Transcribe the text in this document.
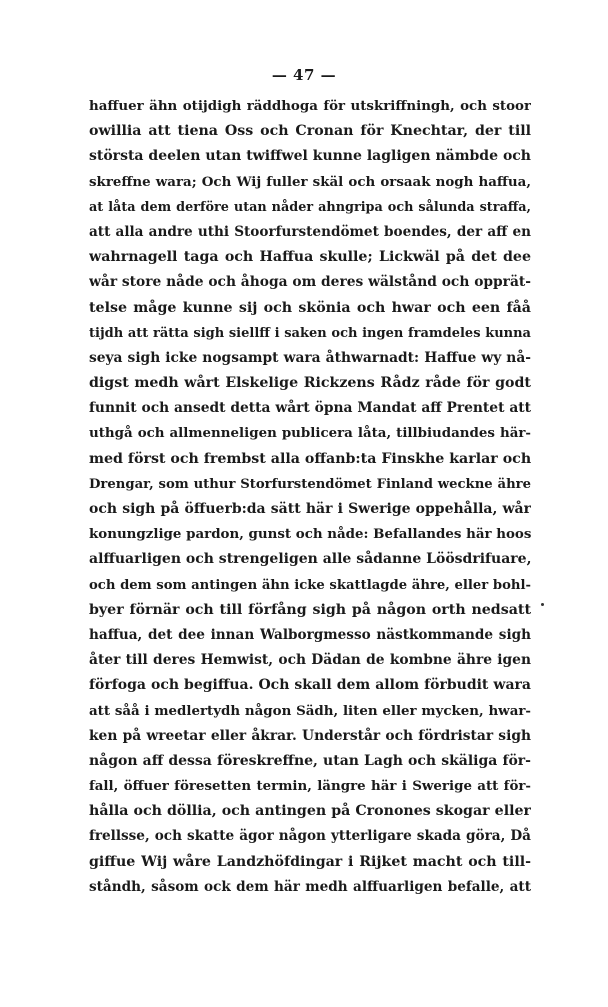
— 47 —
haffuer ähn otijdigh räddhoga för utskriffningh, och stoor
owillia att tiena Oss och Cronan för Knechtar, der till
största deelen utan twiffwel kunne lagligen nämbde och
skreffne wara; Och Wij fuller skäl och orsaak nogh haffua,
at låta dem derföre utan nåder ahngripa och sålunda straffa,
att alla andre uthi Stoorfurstendömet boendes, der aff en
wahrnagell taga och Haffua skulle; Lickwäl på det dee
wår store nåde och åhoga om deres wälstånd och opprät-
telse måge kunne sij och skönia och hwar och een fåå
tijdh att rätta sigh siellff i saken och ingen framdeles kunna
seya sigh icke nogsampt wara åthwarnadt: Haffue wy nå-
digst medh wårt Elskelige Rickzens Rådz råde för godt
funnit och ansedt detta wårt öpna Mandat aff Prentet att
uthgå och allmenneligen publicera låta, tillbiudandes här-
med först och frembst alla offanb:ta Finskhe karlar och
Drengar, som uthur Storfurstendömet Finland weckne ähre
och sigh på öffuerb:da sätt här i Swerige oppehålla, wår
konungzlige pardon, gunst och nåde: Befallandes här hoos
alffuarligen och strengeligen alle sådanne Löösdrifuare,
och dem som antingen ähn icke skattlagde ähre, eller bohl-
byer förnär och till förfång sigh på någon orth nedsatt
haffua, det dee innan Walborgmesso nästkommande sigh
åter till deres Hemwist, och Dädan de kombne ähre igen
förfoga och begiffua. Och skall dem allom förbudit wara
att såå i medlertydh någon Sädh, liten eller mycken, hwar-
ken på wreetar eller åkrar. Understår och fördristar sigh
någon aff dessa föreskreffne, utan Lagh och skäliga för-
fall, öffuer föresetten termin, längre här i Swerige att för-
hålla och döllia, och antingen på Cronones skogar eller
frellsse, och skatte ägor någon ytterligare skada göra, Då
giffue Wij wåre Landzhöfdingar i Rijket macht och till-
ståndh, såsom ock dem här medh alffuarligen befalle, att
